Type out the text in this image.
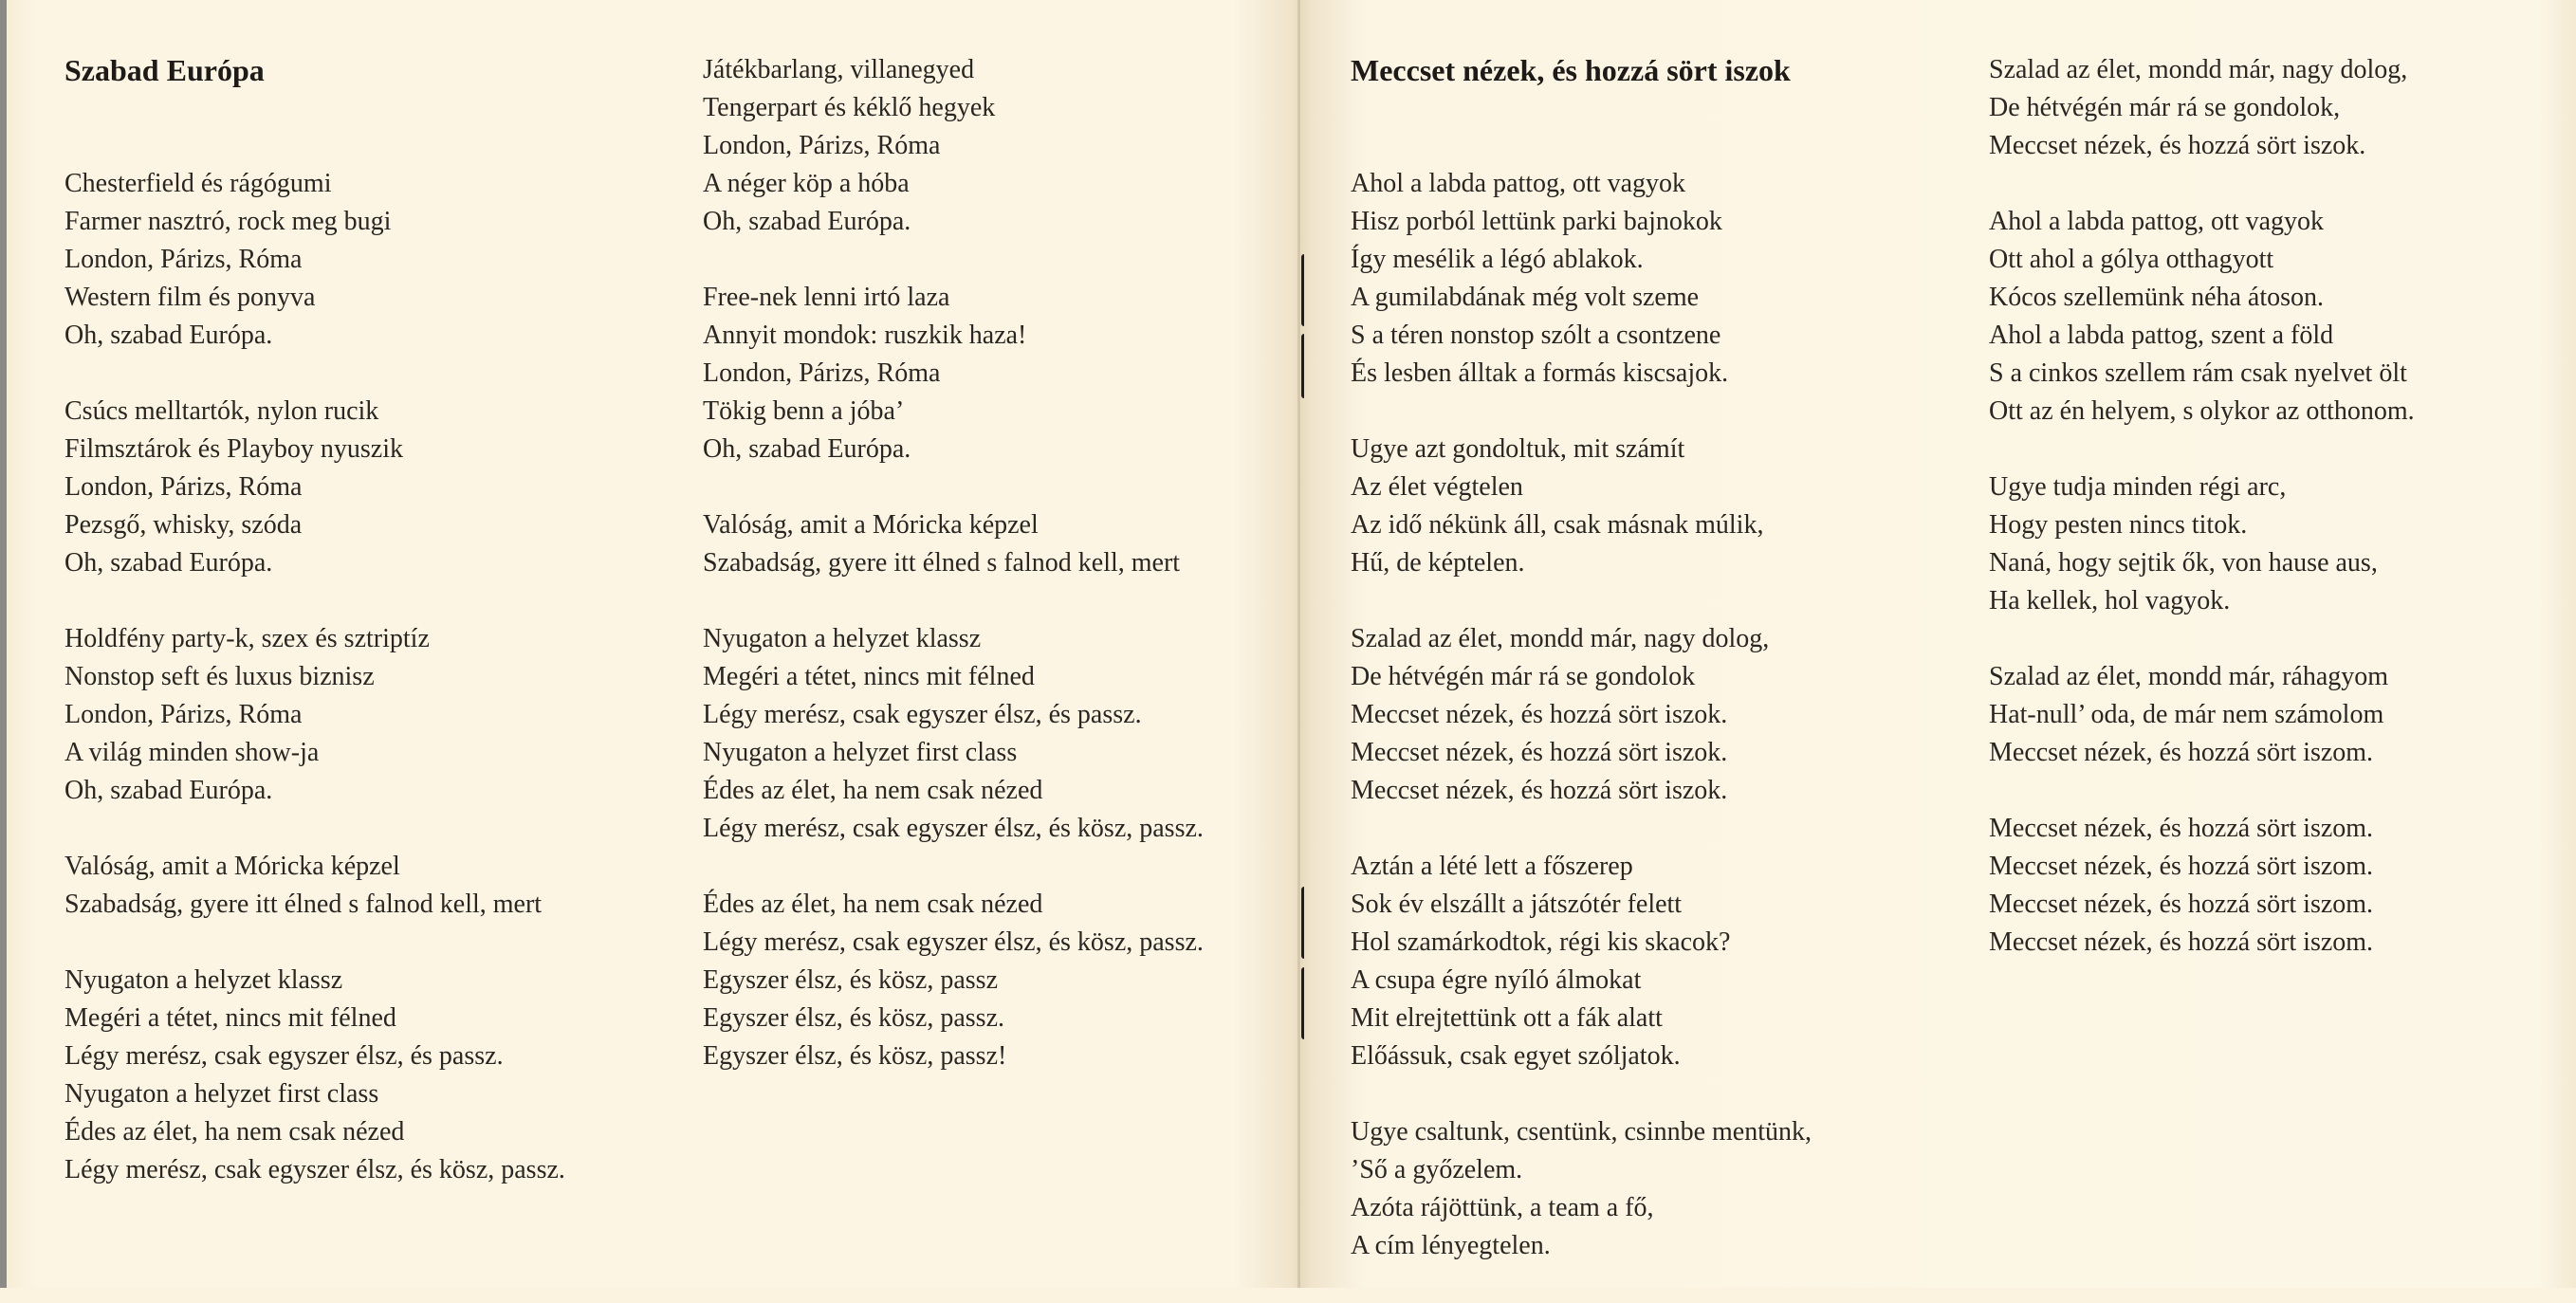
Szabad Európa
Chesterfield és rágógumi
Farmer nasztró, rock meg bugi
London, Párizs, Róma
Western film és ponyva
Oh, szabad Európa.
Csúcs melltartók, nylon rucik
Filmsztárok és Playboy nyuszik
London, Párizs, Róma
Pezsgő, whisky, szóda
Oh, szabad Európa.
Holdfény party-k, szex és sztriptíz
Nonstop seft és luxus biznisz
London, Párizs, Róma
A világ minden show-ja
Oh, szabad Európa.
Valóság, amit a Móricka képzel
Szabadság, gyere itt élned s falnod kell, mert
Nyugaton a helyzet klassz
Megéri a tétet, nincs mit félned
Légy merész, csak egyszer élsz, és passz.
Nyugaton a helyzet first class
Édes az élet, ha nem csak nézed
Légy merész, csak egyszer élsz, és kösz, passz.
Játékbarlang, villanegyed
Tengerpart és kéklő hegyek
London, Párizs, Róma
A néger köp a hóba
Oh, szabad Európa.
Free-nek lenni irtó laza
Annyit mondok: ruszkik haza!
London, Párizs, Róma
Tökig benn a jóba’
Oh, szabad Európa.
Valóság, amit a Móricka képzel
Szabadság, gyere itt élned s falnod kell, mert
Nyugaton a helyzet klassz
Megéri a tétet, nincs mit félned
Légy merész, csak egyszer élsz, és passz.
Nyugaton a helyzet first class
Édes az élet, ha nem csak nézed
Légy merész, csak egyszer élsz, és kösz, passz.
Édes az élet, ha nem csak nézed
Légy merész, csak egyszer élsz, és kösz, passz.
Egyszer élsz, és kösz, passz
Egyszer élsz, és kösz, passz.
Egyszer élsz, és kösz, passz!
Meccset nézek, és hozzá sört iszok
Ahol a labda pattog, ott vagyok
Hisz porból lettünk parki bajnokok
Így mesélik a légó ablakok.
A gumilabdának még volt szeme
S a téren nonstop szólt a csontzene
És lesben álltak a formás kiscsajok.
Ugye azt gondoltuk, mit számít
Az élet végtelen
Az idő nékünk áll, csak másnak múlik,
Hű, de képtelen.
Szalad az élet, mondd már, nagy dolog,
De hétvégén már rá se gondolok
Meccset nézek, és hozzá sört iszok.
Meccset nézek, és hozzá sört iszok.
Meccset nézek, és hozzá sört iszok.
Aztán a lété lett a főszerep
Sok év elszállt a játszótér felett
Hol szamárkodtok, régi kis skacok?
A csupa égre nyíló álmokat
Mit elrejtettünk ott a fák alatt
Előássuk, csak egyet szóljatok.
Ugye csaltunk, csentünk, csinnbe mentünk,
’Ső a győzelem.
Azóta rájöttünk, a team a fő,
A cím lényegtelen.
Szalad az élet, mondd már, nagy dolog,
De hétvégén már rá se gondolok,
Meccset nézek, és hozzá sört iszok.
Ahol a labda pattog, ott vagyok
Ott ahol a gólya otthagyott
Kócos szellemünk néha átoson.
Ahol a labda pattog, szent a föld
S a cinkos szellem rám csak nyelvet ölt
Ott az én helyem, s olykor az otthonom.
Ugye tudja minden régi arc,
Hogy pesten nincs titok.
Naná, hogy sejtik ők, von hause aus,
Ha kellek, hol vagyok.
Szalad az élet, mondd már, ráhagyom
Hat-null’ oda, de már nem számolom
Meccset nézek, és hozzá sört iszom.
Meccset nézek, és hozzá sört iszom.
Meccset nézek, és hozzá sört iszom.
Meccset nézek, és hozzá sört iszom.
Meccset nézek, és hozzá sört iszom.
